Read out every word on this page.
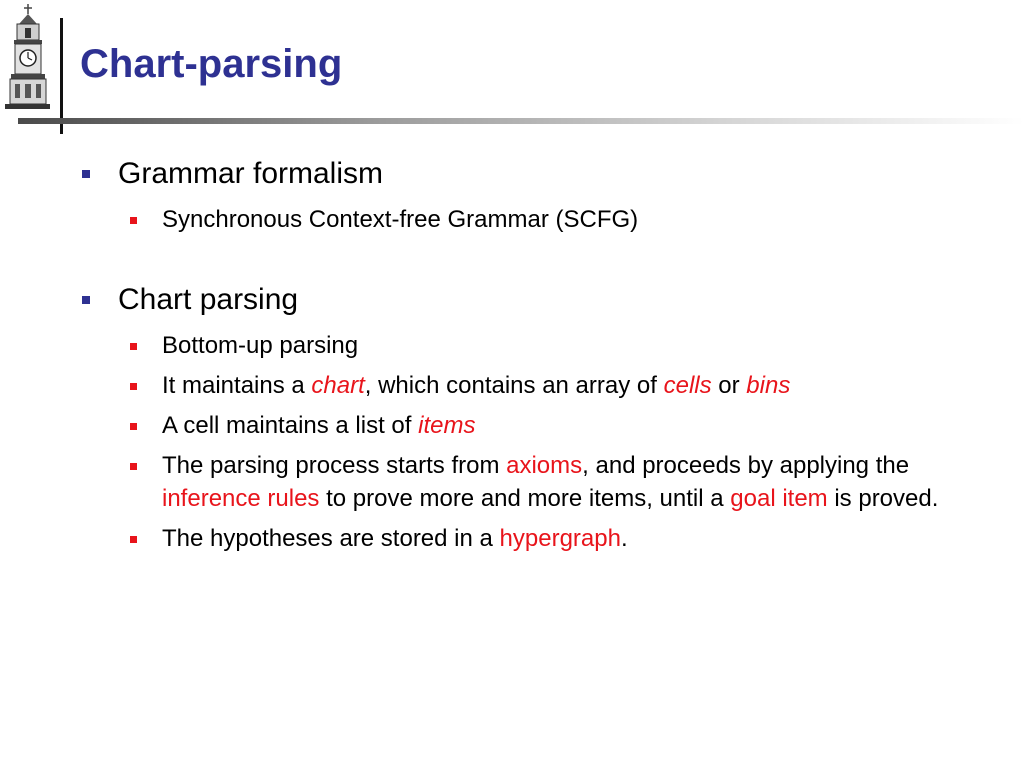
Chart-parsing
Grammar formalism
Synchronous Context-free Grammar (SCFG)
Chart parsing
Bottom-up parsing
It maintains a chart, which contains an array of cells or bins
A cell maintains a list of items
The parsing process starts from axioms, and proceeds by applying the inference rules to prove more and more items, until a goal item is proved.
The hypotheses are stored in a hypergraph.
